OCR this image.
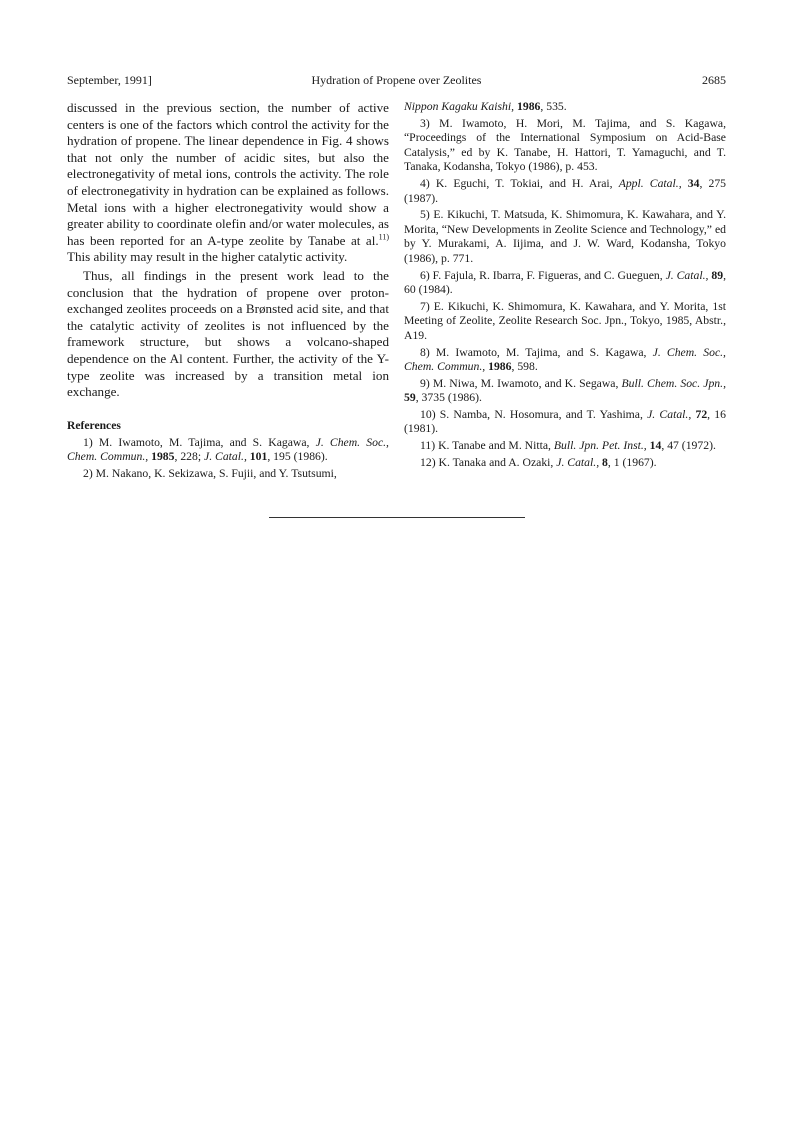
September, 1991]	Hydration of Propene over Zeolites	2685

discussed in the previous section, the number of active centers is one of the factors which control the activity for the hydration of propene. The linear dependence in Fig. 4 shows that not only the number of acidic sites, but also the electronegativity of metal ions, controls the activity. The role of electronegativity in hydration can be explained as follows. Metal ions with a higher electronegativity would show a greater ability to coordinate olefin and/or water molecules, as has been reported for an A-type zeolite by Tanabe at al.$^{11)}$ This ability may result in the higher catalytic activity.

Thus, all findings in the present work lead to the conclusion that the hydration of propene over proton-exchanged zeolites proceeds on a Brønsted acid site, and that the catalytic activity of zeolites is not influenced by the framework structure, but shows a volcano-shaped dependence on the Al content. Further, the activity of the Y-type zeolite was increased by a transition metal ion exchange.

References

1) M. Iwamoto, M. Tajima, and S. Kagawa, J. Chem. Soc., Chem. Commun., 1985, 228; J. Catal., 101, 195 (1986).

2) M. Nakano, K. Sekizawa, S. Fujii, and Y. Tsutsumi,

Nippon Kagaku Kaishi, 1986, 535.

3) M. Iwamoto, H. Mori, M. Tajima, and S. Kagawa, “Proceedings of the International Symposium on Acid-Base Catalysis,” ed by K. Tanabe, H. Hattori, T. Yamaguchi, and T. Tanaka, Kodansha, Tokyo (1986), p. 453.

4) K. Eguchi, T. Tokiai, and H. Arai, Appl. Catal., 34, 275 (1987).

5) E. Kikuchi, T. Matsuda, K. Shimomura, K. Kawahara, and Y. Morita, “New Developments in Zeolite Science and Technology,” ed by Y. Murakami, A. Iijima, and J. W. Ward, Kodansha, Tokyo (1986), p. 771.

6) F. Fajula, R. Ibarra, F. Figueras, and C. Gueguen, J. Catal., 89, 60 (1984).

7) E. Kikuchi, K. Shimomura, K. Kawahara, and Y. Morita, 1st Meeting of Zeolite, Zeolite Research Soc. Jpn., Tokyo, 1985, Abstr., A19.

8) M. Iwamoto, M. Tajima, and S. Kagawa, J. Chem. Soc., Chem. Commun., 1986, 598.

9) M. Niwa, M. Iwamoto, and K. Segawa, Bull. Chem. Soc. Jpn., 59, 3735 (1986).

10) S. Namba, N. Hosomura, and T. Yashima, J. Catal., 72, 16 (1981).

11) K. Tanabe and M. Nitta, Bull. Jpn. Pet. Inst., 14, 47 (1972).

12) K. Tanaka and A. Ozaki, J. Catal., 8, 1 (1967).
